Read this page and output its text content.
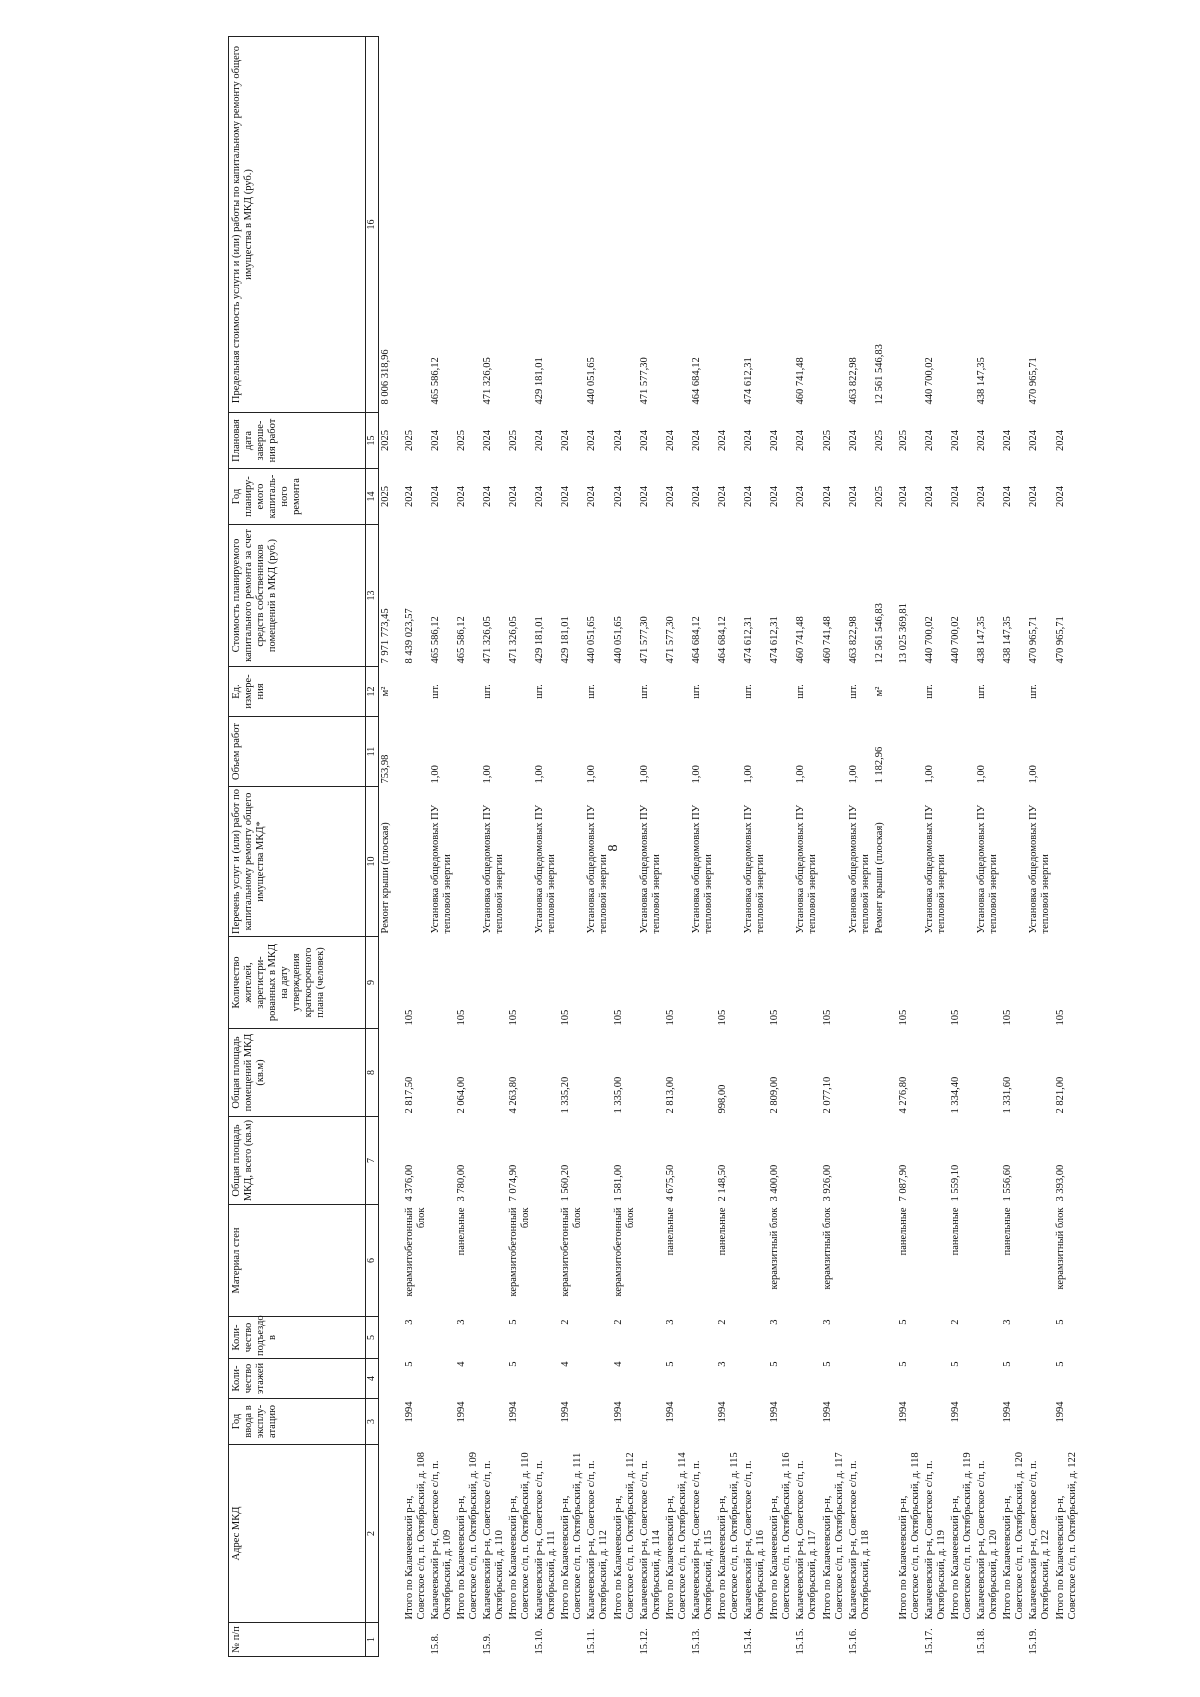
8
№ п/п	Адрес МКД	Год ввода в эксплу-атацию	Коли-чество этажей	Коли-чество подъездо в	Материал стен	Общая площадь МКД, всего (кв.м)	Общая площадь помещений МКД (кв.м)	Количество жителей, зарегистри-рованных в МКД на дату утверждения краткосрочного плана (человек)	Перечень услуг и (или) работ по капитальному ремонту общего имущества МКД*	Объем работ	Ед. измере-ния	Стоимость планируемого капитального ремонта за счет средств собственников помещений в МКД (руб.)	Год планиру-емого капиталь-ного ремонта	Плановая дата заверше-ния работ	Предельная стоимость услуги и (или) работы по капитальному ремонту общего имущества в МКД (руб.)
1	2	3	4	5	6	7	8	9	10	11	12	13	14	15	16
									Ремонт крыши (плоская)	753,98	м²	7 971 773,45	2025	2025	8 006 318,96
	Итого по Калачеевский р-н, Советское с/п, п. Октябрьский, д. 108	1994	5	3	керамзитобетонный блок	4 376,00	2 817,50	105				8 439 023,57	2024	2025	
15.8.	Калачеевский р-н, Советское с/п, п. Октябрьский, д. 109								Установка общедомовых ПУ тепловой энергии	1,00	шт.	465 586,12	2024	2024	465 586,12
	Итого по Калачеевский р-н, Советское с/п, п. Октябрьский, д. 109	1994	4	3	панельные	3 780,00	2 064,00	105				465 586,12	2024	2025	
15.9.	Калачеевский р-н, Советское с/п, п. Октябрьский, д. 110								Установка общедомовых ПУ тепловой энергии	1,00	шт.	471 326,05	2024	2024	471 326,05
	Итого по Калачеевский р-н, Советское с/п, п. Октябрьский, д. 110	1994	5	5	керамзитобетонный блок	7 074,90	4 263,80	105				471 326,05	2024	2025	
15.10.	Калачеевский р-н, Советское с/п, п. Октябрьский, д. 111								Установка общедомовых ПУ тепловой энергии	1,00	шт.	429 181,01	2024	2024	429 181,01
	Итого по Калачеевский р-н, Советское с/п, п. Октябрьский, д. 111	1994	4	2	керамзитобетонный блок	1 560,20	1 335,20	105				429 181,01	2024	2024	
15.11.	Калачеевский р-н, Советское с/п, п. Октябрьский, д. 112								Установка общедомовых ПУ тепловой энергии	1,00	шт.	440 051,65	2024	2024	440 051,65
	Итого по Калачеевский р-н, Советское с/п, п. Октябрьский, д. 112	1994	4	2	керамзитобетонный блок	1 581,00	1 335,00	105				440 051,65	2024	2024	
15.12.	Калачеевский р-н, Советское с/п, п. Октябрьский, д. 114								Установка общедомовых ПУ тепловой энергии	1,00	шт.	471 577,30	2024	2024	471 577,30
	Итого по Калачеевский р-н, Советское с/п, п. Октябрьский, д. 114	1994	5	3	панельные	4 675,50	2 813,00	105				471 577,30	2024	2024	
15.13.	Калачеевский р-н, Советское с/п, п. Октябрьский, д. 115								Установка общедомовых ПУ тепловой энергии	1,00	шт.	464 684,12	2024	2024	464 684,12
	Итого по Калачеевский р-н, Советское с/п, п. Октябрьский, д. 115	1994	3	2	панельные	2 148,50	998,00	105				464 684,12	2024	2024	
15.14.	Калачеевский р-н, Советское с/п, п. Октябрьский, д. 116								Установка общедомовых ПУ тепловой энергии	1,00	шт.	474 612,31	2024	2024	474 612,31
	Итого по Калачеевский р-н, Советское с/п, п. Октябрьский, д. 116	1994	5	3	керамзитный блок	3 400,00	2 809,00	105				474 612,31	2024	2024	
15.15.	Калачеевский р-н, Советское с/п, п. Октябрьский, д. 117								Установка общедомовых ПУ тепловой энергии	1,00	шт.	460 741,48	2024	2024	460 741,48
	Итого по Калачеевский р-н, Советское с/п, п. Октябрьский, д. 117	1994	5	3	керамзитный блок	3 926,00	2 077,10	105				460 741,48	2024	2025	
15.16.	Калачеевский р-н, Советское с/п, п. Октябрьский, д. 118								Установка общедомовых ПУ тепловой энергии	1,00	шт.	463 822,98	2024	2024	463 822,98
									Ремонт крыши (плоская)	1 182,96	м²	12 561 546,83	2025	2025	12 561 546,83
	Итого по Калачеевский р-н, Советское с/п, п. Октябрьский, д. 118	1994	5	5	панельные	7 087,90	4 276,80	105				13 025 369,81	2024	2025	
15.17.	Калачеевский р-н, Советское с/п, п. Октябрьский, д. 119								Установка общедомовых ПУ тепловой энергии	1,00	шт.	440 700,02	2024	2024	440 700,02
	Итого по Калачеевский р-н, Советское с/п, п. Октябрьский, д. 119	1994	5	2	панельные	1 559,10	1 334,40	105				440 700,02	2024	2024	
15.18.	Калачеевский р-н, Советское с/п, п. Октябрьский, д. 120								Установка общедомовых ПУ тепловой энергии	1,00	шт.	438 147,35	2024	2024	438 147,35
	Итого по Калачеевский р-н, Советское с/п, п. Октябрьский, д. 120	1994	5	3	панельные	1 556,60	1 331,60	105				438 147,35	2024	2024	
15.19.	Калачеевский р-н, Советское с/п, п. Октябрьский, д. 122								Установка общедомовых ПУ тепловой энергии	1,00	шт.	470 965,71	2024	2024	470 965,71
	Итого по Калачеевский р-н, Советское с/п, п. Октябрьский, д. 122	1994	5	5	керамзитный блок	3 393,00	2 821,00	105				470 965,71	2024	2024	
